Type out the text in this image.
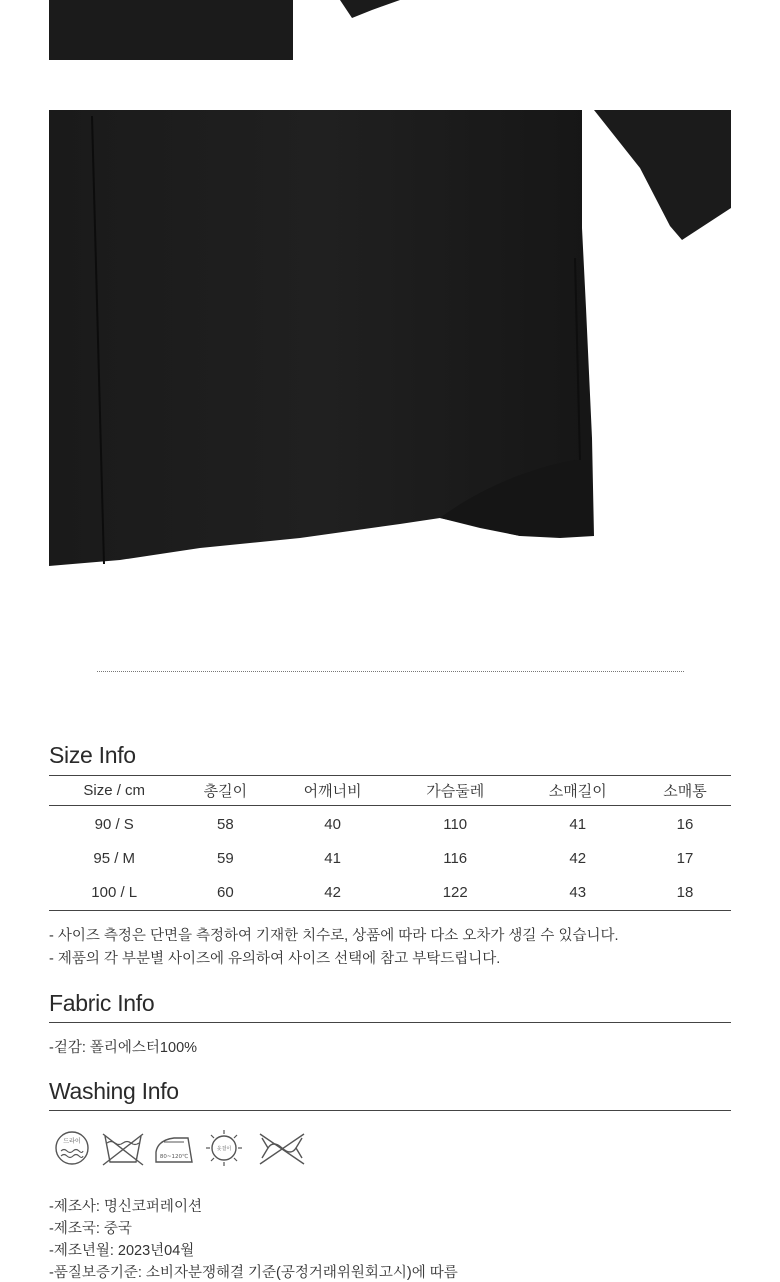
Size Info
Size / cm	총길이	어깨너비	가슴둘레	소매길이	소매통
90 / S	58	40	110	41	16
95 / M	59	41	116	42	17
100 / L	60	42	122	43	18
- 사이즈 측정은 단면을 측정하여 기재한 치수로, 상품에 따라 다소 오차가 생길 수 있습니다.
- 제품의 각 부분별 사이즈에 유의하여 사이즈 선택에 참고 부탁드립니다.
Fabric Info
-겉감: 폴리에스터100%
Washing Info
드라이
80~120℃
옷걸이
-제조사: 명신코퍼레이션
-제조국: 중국
-제조년월: 2023년04월
-품질보증기준: 소비자분쟁해결 기준(공정거래위원회고시)에 따름
